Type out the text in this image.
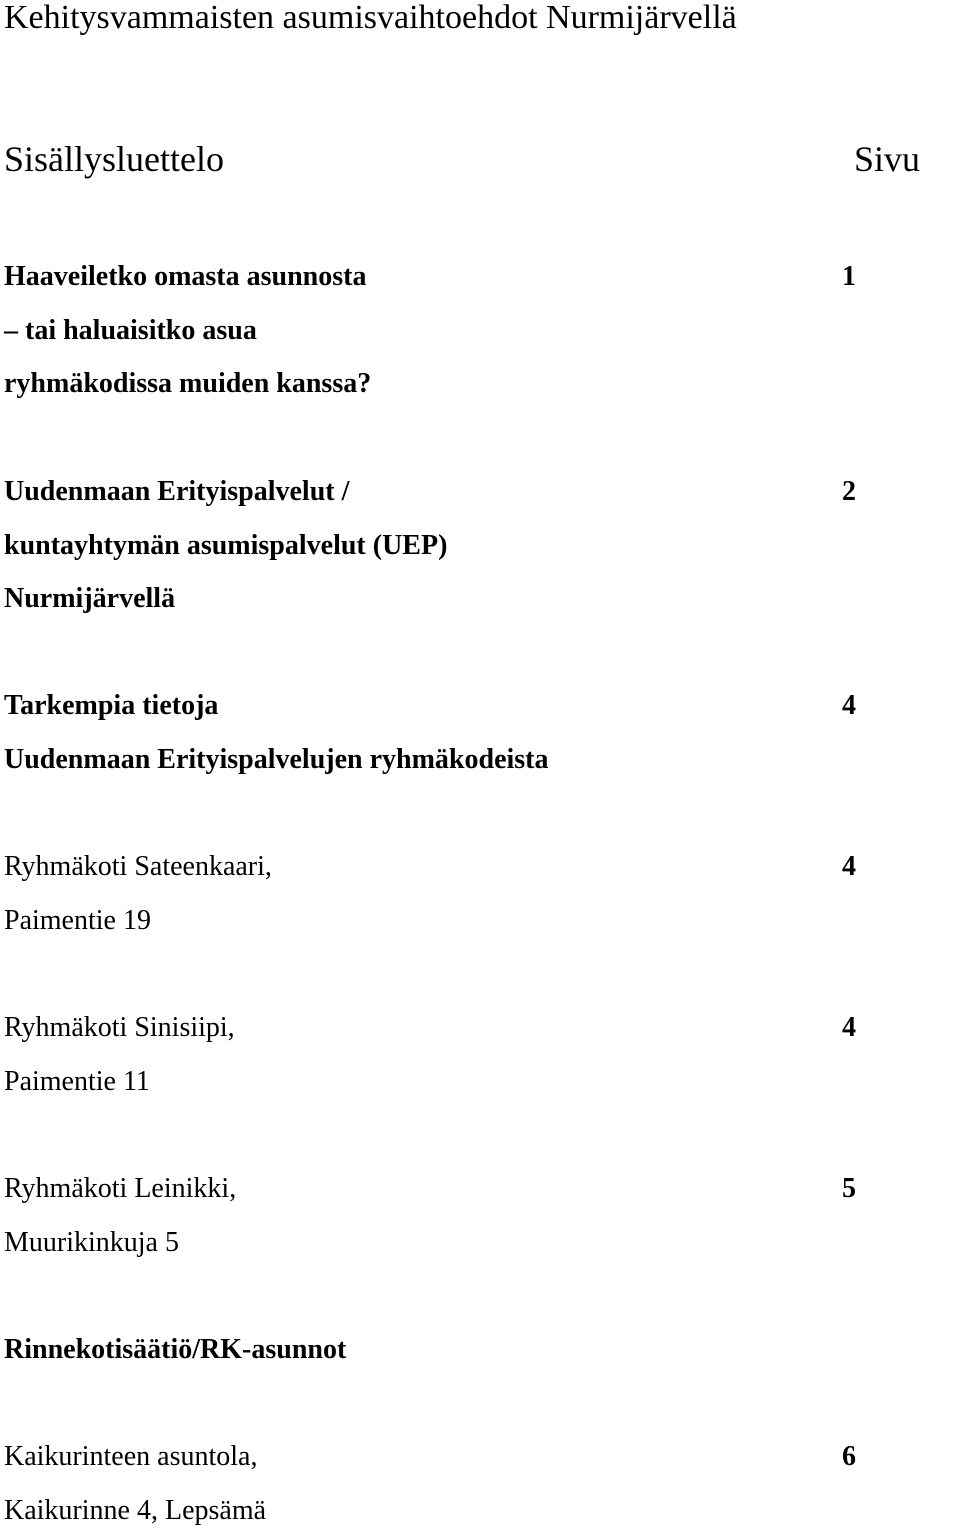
Kehitysvammaisten asumisvaihtoehdot Nurmijärvellä
Sisällysluettelo	Sivu
Haaveiletko omasta asunnosta
– tai haluaisitko asua
ryhmäkodissa muiden kanssa?
1
Uudenmaan Erityispalvelut /
kuntayhtymän asumispalvelut (UEP)
Nurmijärvellä
2
Tarkempia tietoja
Uudenmaan Erityispalvelujen ryhmäkodeista
4
Ryhmäkoti Sateenkaari,
Paimentie 19
4
Ryhmäkoti Sinisiipi,
Paimentie 11
4
Ryhmäkoti Leinikki,
Muurikinkuja 5
5
Rinnekotisäätiö/RK-asunnot
Kaikurinteen asuntola,
Kaikurinne 4, Lepsämä
6
